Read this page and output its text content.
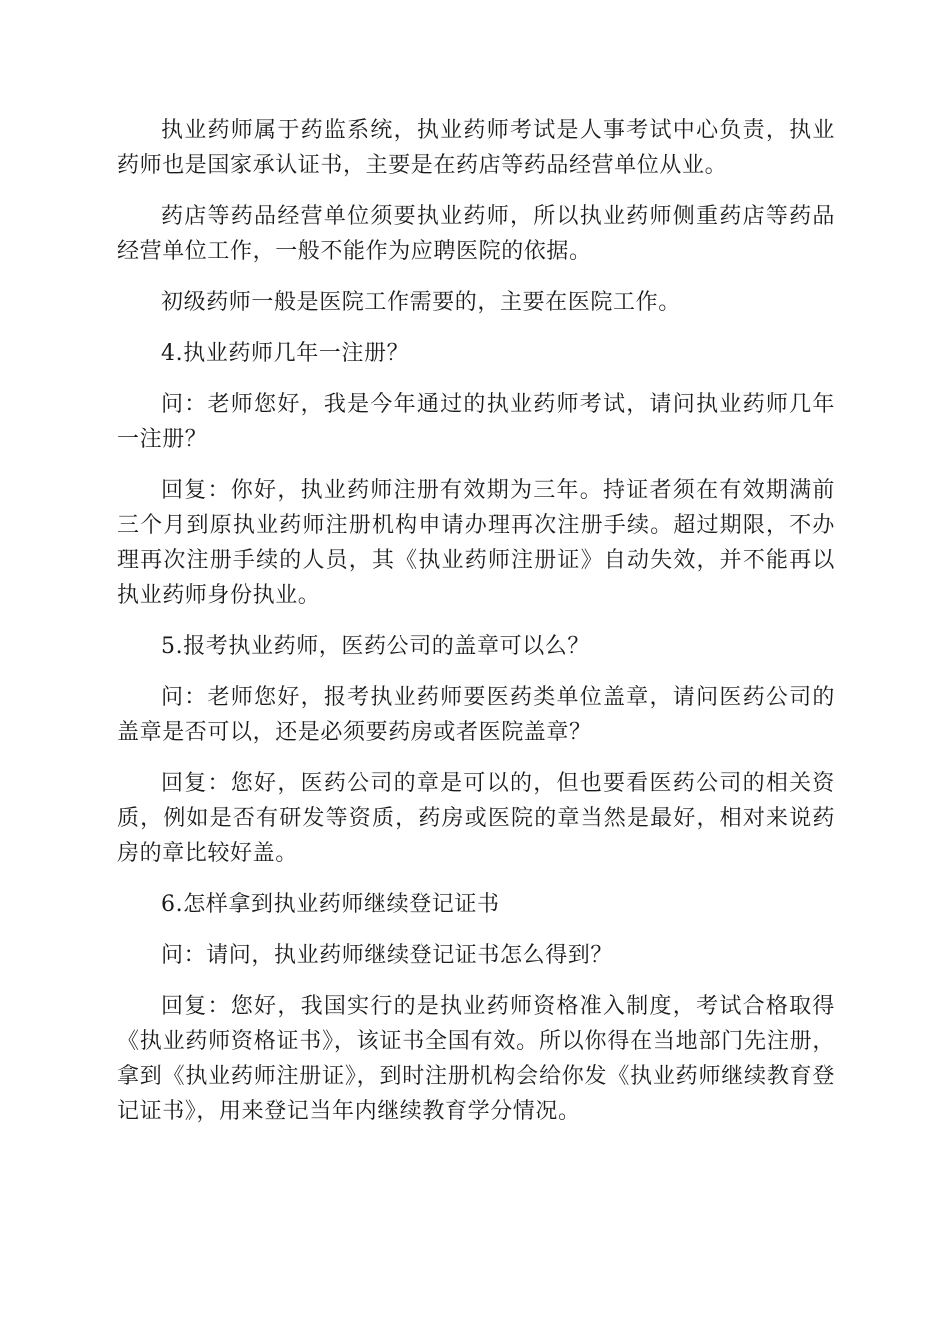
执业药师属于药监系统，执业药师考试是人事考试中心负责，执业药师也是国家承认证书，主要是在药店等药品经营单位从业。

药店等药品经营单位须要执业药师，所以执业药师侧重药店等药品经营单位工作，一般不能作为应聘医院的依据。

初级药师一般是医院工作需要的，主要在医院工作。

4.执业药师几年一注册？

问：老师您好，我是今年通过的执业药师考试，请问执业药师几年一注册？

回复：你好，执业药师注册有效期为三年。持证者须在有效期满前三个月到原执业药师注册机构申请办理再次注册手续。超过期限，不办理再次注册手续的人员，其《执业药师注册证》自动失效，并不能再以执业药师身份执业。

5.报考执业药师，医药公司的盖章可以么？

问：老师您好，报考执业药师要医药类单位盖章，请问医药公司的盖章是否可以，还是必须要药房或者医院盖章？

回复：您好，医药公司的章是可以的，但也要看医药公司的相关资质，例如是否有研发等资质，药房或医院的章当然是最好，相对来说药房的章比较好盖。

6.怎样拿到执业药师继续登记证书

问：请问，执业药师继续登记证书怎么得到？

回复：您好，我国实行的是执业药师资格准入制度，考试合格取得《执业药师资格证书》，该证书全国有效。所以你得在当地部门先注册，拿到《执业药师注册证》，到时注册机构会给你发《执业药师继续教育登记证书》，用来登记当年内继续教育学分情况。
